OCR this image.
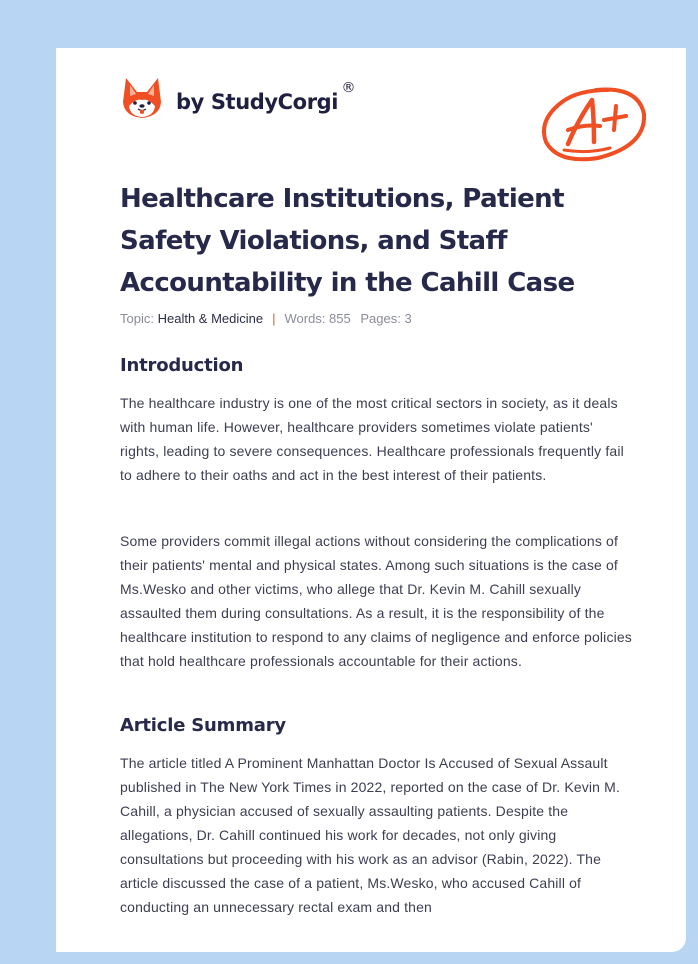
by StudyCorgi
®
Healthcare Institutions, Patient Safety Violations, and Staff Accountability in the Cahill Case
Topic: Health & Medicine | Words: 855 Pages: 3
Introduction

The healthcare industry is one of the most critical sectors in society, as it deals with human life. However, healthcare providers sometimes violate patients' rights, leading to severe consequences. Healthcare professionals frequently fail to adhere to their oaths and act in the best interest of their patients.

Some providers commit illegal actions without considering the complications of their patients' mental and physical states. Among such situations is the case of Ms.Wesko and other victims, who allege that Dr. Kevin M. Cahill sexually assaulted them during consultations. As a result, it is the responsibility of the healthcare institution to respond to any claims of negligence and enforce policies that hold healthcare professionals accountable for their actions.

Article Summary

The article titled A Prominent Manhattan Doctor Is Accused of Sexual Assault published in The New York Times in 2022, reported on the case of Dr. Kevin M. Cahill, a physician accused of sexually assaulting patients. Despite the allegations, Dr. Cahill continued his work for decades, not only giving consultations but proceeding with his work as an advisor (Rabin, 2022). The article discussed the case of a patient, Ms.Wesko, who accused Cahill of conducting an unnecessary rectal exam and then
